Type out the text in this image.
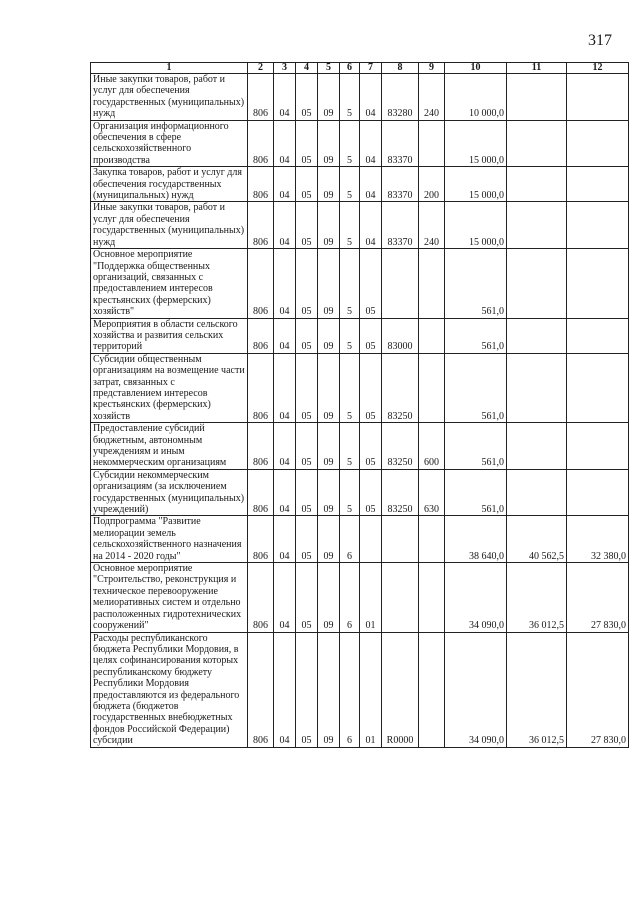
317
1	2	3	4	5	6	7	8	9	10	11	12
Иные закупки товаров, работ и услуг для обеспечения государственных (муниципальных) нужд	806	04	05	09	5	04	83280	240	10 000,0		
Организация информационного обеспечения в сфере сельскохозяйственного производства	806	04	05	09	5	04	83370		15 000,0		
Закупка товаров, работ и услуг для обеспечения государственных (муниципальных) нужд	806	04	05	09	5	04	83370	200	15 000,0		
Иные закупки товаров, работ и услуг для обеспечения государственных (муниципальных) нужд	806	04	05	09	5	04	83370	240	15 000,0		
Основное мероприятие "Поддержка общественных организаций, связанных с предоставлением интересов крестьянских (фермерских) хозяйств"	806	04	05	09	5	05			561,0		
Мероприятия в области сельского хозяйства и развития сельских территорий	806	04	05	09	5	05	83000		561,0		
Субсидии общественным организациям на возмещение части затрат, связанных с представлением интересов крестьянских (фермерских) хозяйств	806	04	05	09	5	05	83250		561,0		
Предоставление субсидий бюджетным, автономным учреждениям и иным некоммерческим организациям	806	04	05	09	5	05	83250	600	561,0		
Субсидии некоммерческим организациям (за исключением государственных (муниципальных) учреждений)	806	04	05	09	5	05	83250	630	561,0		
Подпрограмма "Развитие мелиорации земель сельскохозяйственного назначения на 2014 - 2020 годы"	806	04	05	09	6				38 640,0	40 562,5	32 380,0
Основное мероприятие "Строительство, реконструкция и техническое перевооружение мелиоративных систем и отдельно расположенных гидротехнических сооружений"	806	04	05	09	6	01			34 090,0	36 012,5	27 830,0
Расходы республиканского бюджета Республики Мордовия, в целях софинансирования которых республиканскому бюджету Республики Мордовия предоставляются из федерального бюджета (бюджетов государственных внебюджетных фондов Российской Федерации) субсидии	806	04	05	09	6	01	R0000		34 090,0	36 012,5	27 830,0
